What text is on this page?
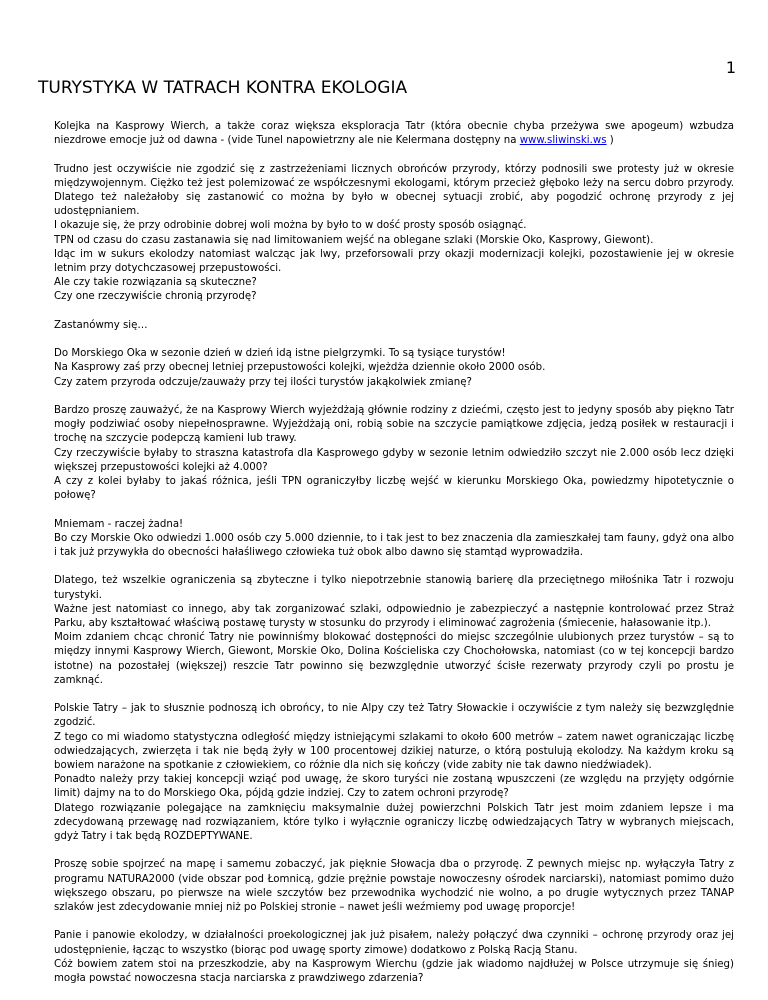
1
TURYSTYKA W TATRACH KONTRA EKOLOGIA

Kolejka na Kasprowy Wierch, a także coraz większa eksploracja Tatr (która obecnie chyba przeżywa swe apogeum) wzbudza niezdrowe emocje już od dawna - (vide Tunel napowietrzny ale nie Kelermana dostępny na www.sliwinski.ws )

Trudno jest oczywiście nie zgodzić się z zastrzeżeniami licznych obrońców przyrody, którzy podnosili swe protesty już w okresie międzywojennym. Ciężko też jest polemizować ze współczesnymi ekologami, którym przecież głęboko leży na sercu dobro przyrody. Dlatego też należałoby się zastanowić co można by było w obecnej sytuacji zrobić, aby pogodzić ochronę przyrody z jej udostępnianiem.
I okazuje się, że przy odrobinie dobrej woli można by było to w dość prosty sposób osiągnąć.
TPN od czasu do czasu zastanawia się nad limitowaniem wejść na oblegane szlaki (Morskie Oko, Kasprowy, Giewont).
Idąc im w sukurs ekolodzy natomiast walcząc jak lwy, przeforsowali przy okazji modernizacji kolejki, pozostawienie jej w okresie letnim przy dotychczasowej przepustowości.
Ale czy takie rozwiązania są skuteczne?
Czy one rzeczywiście chronią przyrodę?

Zastanówmy się…

Do Morskiego Oka w sezonie dzień w dzień idą istne pielgrzymki. To są tysiące turystów!
Na Kasprowy zaś przy obecnej letniej przepustowości kolejki, wjeżdża dziennie około 2000 osób.
Czy zatem przyroda odczuje/zauważy przy tej ilości turystów jakąkolwiek zmianę?

Bardzo proszę zauważyć, że na Kasprowy Wierch wyjeżdżają głównie rodziny z dziećmi, często jest to jedyny sposób aby piękno Tatr mogły podziwiać osoby niepełnosprawne. Wyjeżdżają oni, robią sobie na szczycie pamiątkowe zdjęcia, jedzą posiłek w restauracji i trochę na szczycie podepczą kamieni lub trawy.
Czy rzeczywiście byłaby to straszna katastrofa dla Kasprowego gdyby w sezonie letnim odwiedziło szczyt nie 2.000 osób lecz dzięki większej przepustowości kolejki aż 4.000?
A czy z kolei byłaby to jakaś różnica, jeśli TPN ograniczyłby liczbę wejść w kierunku Morskiego Oka, powiedzmy hipotetycznie o połowę?

Mniemam - raczej żadna!
Bo czy Morskie Oko odwiedzi 1.000 osób czy 5.000 dziennie, to i tak jest to bez znaczenia dla zamieszkałej tam fauny, gdyż ona albo i tak już przywykła do obecności hałaśliwego człowieka tuż obok albo dawno się stamtąd wyprowadziła.

Dlatego, też wszelkie ograniczenia są zbyteczne i tylko niepotrzebnie stanowią barierę dla przeciętnego miłośnika Tatr i rozwoju turystyki.
Ważne jest natomiast co innego, aby tak zorganizować szlaki, odpowiednio je zabezpieczyć a następnie kontrolować przez Straż Parku, aby kształtować właściwą postawę turysty w stosunku do przyrody i eliminować zagrożenia (śmiecenie, hałasowanie itp.).
Moim zdaniem chcąc chronić Tatry nie powinniśmy blokować dostępności do miejsc szczególnie ulubionych przez turystów – są to między innymi Kasprowy Wierch, Giewont, Morskie Oko, Dolina Kościeliska czy Chochołowska, natomiast (co w tej koncepcji bardzo istotne) na pozostałej (większej) reszcie Tatr powinno się bezwzględnie utworzyć ścisłe rezerwaty przyrody czyli po prostu je zamknąć.

Polskie Tatry – jak to słusznie podnoszą ich obrońcy, to nie Alpy czy też Tatry Słowackie i oczywiście z tym należy się bezwzględnie zgodzić.
Z tego co mi wiadomo statystyczna odległość między istniejącymi szlakami to około 600 metrów – zatem nawet ograniczając liczbę odwiedzających, zwierzęta i tak nie będą żyły w 100 procentowej dzikiej naturze, o którą postulują ekolodzy. Na każdym kroku są bowiem narażone na spotkanie z człowiekiem, co różnie dla nich się kończy (vide zabity nie tak dawno niedźwiadek).
Ponadto należy przy takiej koncepcji wziąć pod uwagę, że skoro turyści nie zostaną wpuszczeni (ze względu na przyjęty odgórnie limit) dajmy na to do Morskiego Oka, pójdą gdzie indziej. Czy to zatem ochroni przyrodę?
Dlatego rozwiązanie polegające na zamknięciu maksymalnie dużej powierzchni Polskich Tatr jest moim zdaniem lepsze i ma zdecydowaną przewagę nad rozwiązaniem, które tylko i wyłącznie ograniczy liczbę odwiedzających Tatry w wybranych miejscach, gdyż Tatry i tak będą ROZDEPTYWANE.

Proszę sobie spojrzeć na mapę i samemu zobaczyć, jak pięknie Słowacja dba o przyrodę. Z pewnych miejsc np. wyłączyła Tatry z programu NATURA2000 (vide obszar pod Łomnicą, gdzie prężnie powstaje nowoczesny ośrodek narciarski), natomiast pomimo dużo większego obszaru, po pierwsze na wiele szczytów bez przewodnika wychodzić nie wolno, a po drugie wytycznych przez TANAP szlaków jest zdecydowanie mniej niż po Polskiej stronie – nawet jeśli weźmiemy pod uwagę proporcje!

Panie i panowie ekolodzy, w działalności proekologicznej jak już pisałem, należy połączyć dwa czynniki – ochronę przyrody oraz jej udostępnienie, łącząc to wszystko (biorąc pod uwagę sporty zimowe) dodatkowo z Polską Racją Stanu.
Cóż bowiem zatem stoi na przeszkodzie, aby na Kasprowym Wierchu (gdzie jak wiadomo najdłużej w Polsce utrzymuje się śnieg) mogła powstać nowoczesna stacja narciarska z prawdziwego zdarzenia?
